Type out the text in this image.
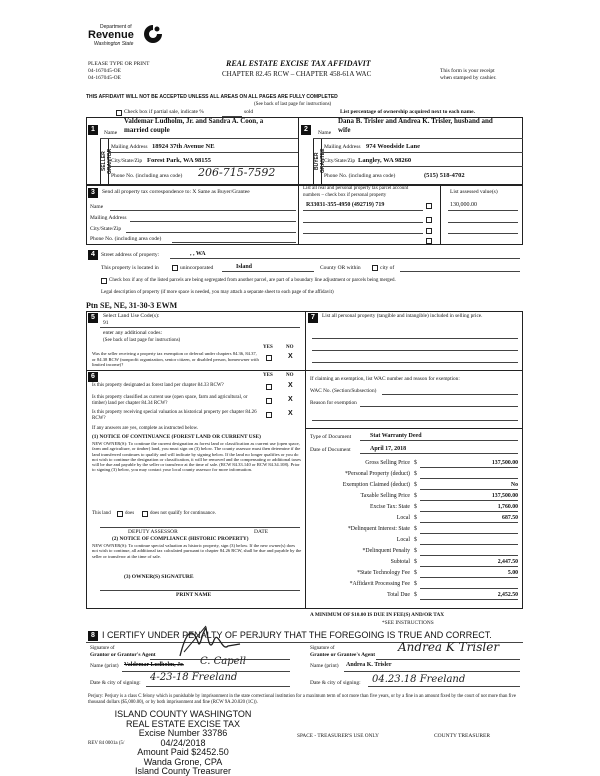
Department of
Revenue
Washington State
PLEASE TYPE OR PRINT
04-167045-OE
04-167045-OE
REAL ESTATE EXCISE TAX AFFIDAVIT
CHAPTER 82.45 RCW – CHAPTER 458-61A WAC	This form is your receipt
when stamped by cashier.
THIS AFFIDAVIT WILL NOT BE ACCEPTED UNLESS ALL AREAS ON ALL PAGES ARE FULLY COMPLETED
(See back of last page for instructions)
Check box if partial sale, indicate %	sold	List percentage of ownership acquired next to each name.
1
SELLER GRANTOR
Name
Valdemar Ludholm, Jr. and Sandra A. Coon, a
married couple
Mailing Address 18924 37th Avenue NE
City/State/Zip Forest Park, WA 98155
Phone No. (including area code) 206-715-7592
2
BUYER GRANTEE
Name
Dana B. Trisler and Andrea K. Trisler, husband and
wife
Mailing Address 974 Woodside Lane
City/State/Zip Langley, WA 98260
Phone No. (including area code)	(515) 518-4702
3	Send all property tax correspondence to: X Same as Buyer/Grantee
Name
Mailing Address
City/State/Zip
Phone No. (including area code)
List all real and personal property tax parcel account
numbers – check box if personal property
List assessed value(s)
R33031-355-4950 (492719) 719	130,000.00
4	Street address of property:	, , WA
This property is located in	unincorporated	Island	County OR within	city of
Check box if any of the listed parcels are being segregated from another parcel, are part of a boundary line adjustment or parcels being merged.
Legal description of property (if more space is needed, you may attach a separate sheet to each page of the affidavit)
Ptn SE, NE, 31-30-3 EWM
5	Select Land Use Code(s):
91
enter any additional codes:
(See back of last page for instructions)
YES	NO
Was the seller receiving a property tax exemption or deferral under chapters 84.36, 84.37, or 84.38 RCW (nonprofit organization, senior citizen, or disabled person, homeowner with limited income)?
X
6	YES	NO
Is this property designated as forest land per chapter 84.33 RCW?	X
Is this property classified as current use (open space, farm and agricultural, or timber) land per chapter 84.34 RCW?
X
Is this property receiving special valuation as historical property per chapter 84.26 RCW?
X
If any answers are yes, complete as instructed below.
(1) NOTICE OF CONTINUANCE (FOREST LAND OR CURRENT USE)
NEW OWNER(S): To continue the current designation as forest land or classification as current use (open space, farm and agriculture, or timber) land, you must sign on (3) below. The county assessor must then determine if the land transferred continues to qualify and will indicate by signing below. If the land no longer qualifies or you do not wish to continue the designation or classification, it will be removed and the compensating or additional taxes will be due and payable by the seller or transferor at the time of sale. (RCW 84.33.140 or RCW 84.34.108). Prior to signing (3) below, you may contact your local county assessor for more information.
This land	does	does not qualify for continuance.
DEPUTY ASSESSOR	DATE
(2) NOTICE OF COMPLIANCE (HISTORIC PROPERTY)
NEW OWNER(S): To continue special valuation as historic property, sign (3) below. If the new owner(s) does not wish to continue, all additional tax calculated pursuant to chapter 84.26 RCW, shall be due and payable by the seller or transferor at the time of sale.
(3) OWNER(S) SIGNATURE
PRINT NAME
7	List all personal property (tangible and intangible) included in selling price.
If claiming an exemption, list WAC number and reason for exemption:
WAC No. (Section/Subsection)
Reason for exemption
Type of Document	Stat Warranty Deed
Date of Document	April 17, 2018
Gross Selling Price $	137,500.00
*Personal Property (deduct) $
Exemption Claimed (deduct) $	No
Taxable Selling Price $	137,500.00
Excise Tax: State $	1,760.00
Local $	687.50
*Delinquent Interest: State $
Local $
*Delinquent Penalty $
Subtotal $	2,447.50
*State Technology Fee $	5.00
*Affidavit Processing Fee $
Total Due $	2,452.50
A MINIMUM OF $10.00 IS DUE IN FEE(S) AND/OR TAX
*SEE INSTRUCTIONS
8 I CERTIFY UNDER PENALTY OF PERJURY THAT THE FOREGOING IS TRUE AND CORRECT.
Signature of
Grantor or Grantor's Agent
Name (print) Valdemar Ludholm, Jr. C. Capell
Date & city of signing: 4-23-18 Freeland
Signature of
Grantee or Grantee's Agent
Andrea K Trisler
Name (print) Andrea K. Trisler
Date & city of signing: 04.23.18 Freeland
Perjury: Perjury is a class C felony which is punishable by imprisonment in the state correctional institution for a maximum term of not more than five years, or by a fine in an amount fixed by the court of not more than five thousand dollars ($5,000.00), or by both imprisonment and fine (RCW 9A.20.020 (1C)).
ISLAND COUNTY WASHINGTON
REAL ESTATE EXCISE TAX
Excise Number 33786
04/24/2018
Amount Paid $2452.50
Wanda Grone, CPA
Island County Treasurer
REV 84 0001a (5/
SPACE - TREASURER'S USE ONLY	COUNTY TREASURER
